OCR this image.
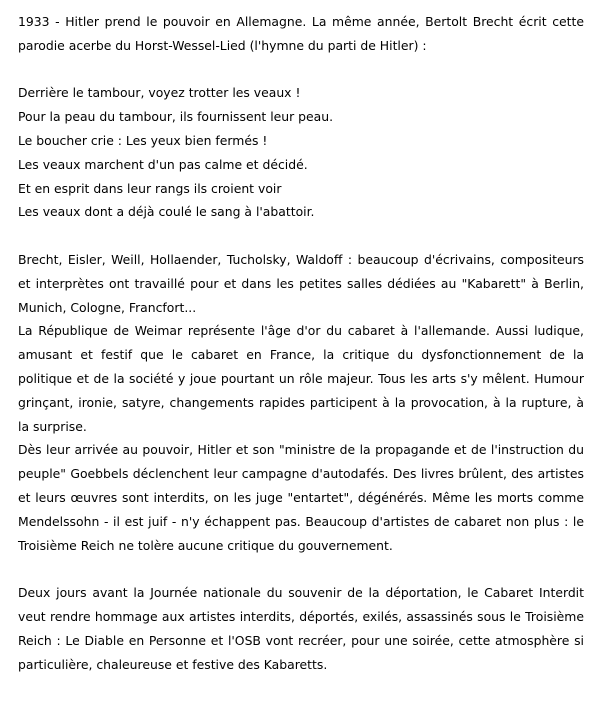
1933 - Hitler prend le pouvoir en Allemagne. La même année, Bertolt Brecht écrit cette parodie acerbe du Horst-Wessel-Lied (l'hymne du parti de Hitler) :
Derrière le tambour, voyez trotter les veaux !
Pour la peau du tambour, ils fournissent leur peau.
Le boucher crie : Les yeux bien fermés !
Les veaux marchent d'un pas calme et décidé.
Et en esprit dans leur rangs ils croient voir
Les veaux dont a déjà coulé le sang à l'abattoir.
Brecht, Eisler, Weill, Hollaender, Tucholsky, Waldoff : beaucoup d'écrivains, compositeurs et interprètes ont travaillé pour et dans les petites salles dédiées au "Kabarett" à Berlin, Munich, Cologne, Francfort...
La République de Weimar représente l'âge d'or du cabaret à l'allemande. Aussi ludique, amusant et festif que le cabaret en France, la critique du dysfonctionnement de la politique et de la société y joue pourtant un rôle majeur. Tous les arts s'y mêlent. Humour grinçant, ironie, satyre, changements rapides participent à la provocation, à la rupture, à la surprise.
Dès leur arrivée au pouvoir, Hitler et son "ministre de la propagande et de l'instruction du peuple" Goebbels déclenchent leur campagne d'autodafés. Des livres brûlent, des artistes et leurs œuvres sont interdits, on les juge "entartet", dégénérés. Même les morts comme Mendelssohn - il est juif - n'y échappent pas. Beaucoup d'artistes de cabaret non plus : le Troisième Reich ne tolère aucune critique du gouvernement.
Deux jours avant la Journée nationale du souvenir de la déportation, le Cabaret Interdit veut rendre hommage aux artistes interdits, déportés, exilés, assassinés sous le Troisième Reich : Le Diable en Personne et l'OSB vont recréer, pour une soirée, cette atmosphère si particulière, chaleureuse et festive des Kabaretts.
